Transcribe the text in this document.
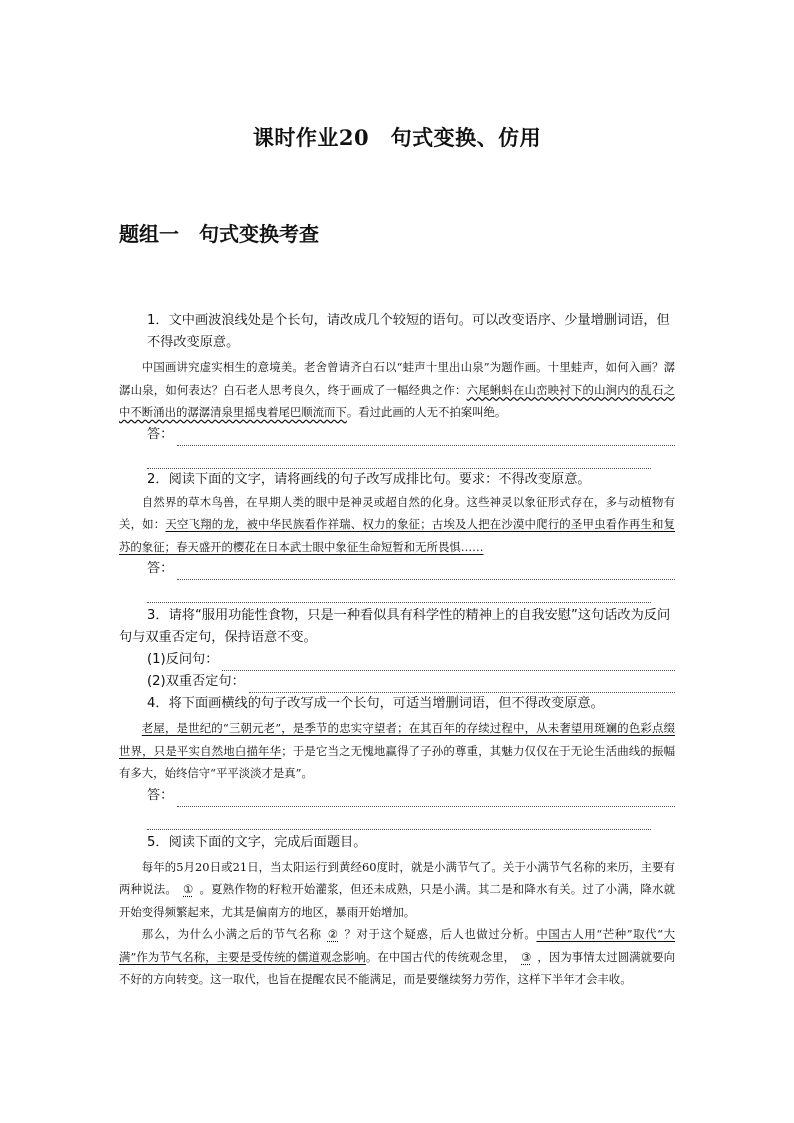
课时作业20　句式变换、仿用
题组一　句式变换考查

1．文中画波浪线处是个长句，请改成几个较短的语句。可以改变语序、少量增删词语，但不得改变原意。

中国画讲究虚实相生的意境美。老舍曾请齐白石以“蛙声十里出山泉”为题作画。十里蛙声，如何入画？潺潺山泉，如何表达？白石老人思考良久，终于画成了一幅经典之作：六尾蝌蚪在山峦映衬下的山涧内的乱石之中不断涌出的潺潺清泉里摇曳着尾巴顺流而下。看过此画的人无不拍案叫绝。

答：

2．阅读下面的文字，请将画线的句子改写成排比句。要求：不得改变原意。

自然界的草木鸟兽，在早期人类的眼中是神灵或超自然的化身。这些神灵以象征形式存在，多与动植物有关，如：天空飞翔的龙，被中华民族看作祥瑞、权力的象征；古埃及人把在沙漠中爬行的圣甲虫看作再生和复苏的象征；春天盛开的樱花在日本武士眼中象征生命短暂和无所畏惧……

答：

3．请将“服用功能性食物，只是一种看似具有科学性的精神上的自我安慰”这句话改为反问句与双重否定句，保持语意不变。

(1)反问句：
(2)双重否定句：

4．将下面画横线的句子改写成一个长句，可适当增删词语，但不得改变原意。

老屋，是世纪的“三朝元老”，是季节的忠实守望者；在其百年的存续过程中，从未奢望用斑斓的色彩点缀世界，只是平实自然地白描年华；于是它当之无愧地赢得了子孙的尊重，其魅力仅仅在于无论生活曲线的振幅有多大，始终信守“平平淡淡才是真”。

答：

5．阅读下面的文字，完成后面题目。

每年的5月20日或21日，当太阳运行到黄经60度时，就是小满节气了。关于小满节气名称的来历，主要有两种说法。 ① 。夏熟作物的籽粒开始灌浆，但还未成熟，只是小满。其二是和降水有关。过了小满，降水就开始变得频繁起来，尤其是偏南方的地区，暴雨开始增加。

那么，为什么小满之后的节气名称 ② ？对于这个疑惑，后人也做过分析。中国古人用“芒种”取代“大满”作为节气名称，主要是受传统的儒道观念影响。在中国古代的传统观念里， ③ ，因为事情太过圆满就要向不好的方向转变。这一取代，也旨在提醒农民不能满足，而是要继续努力劳作，这样下半年才会丰收。
